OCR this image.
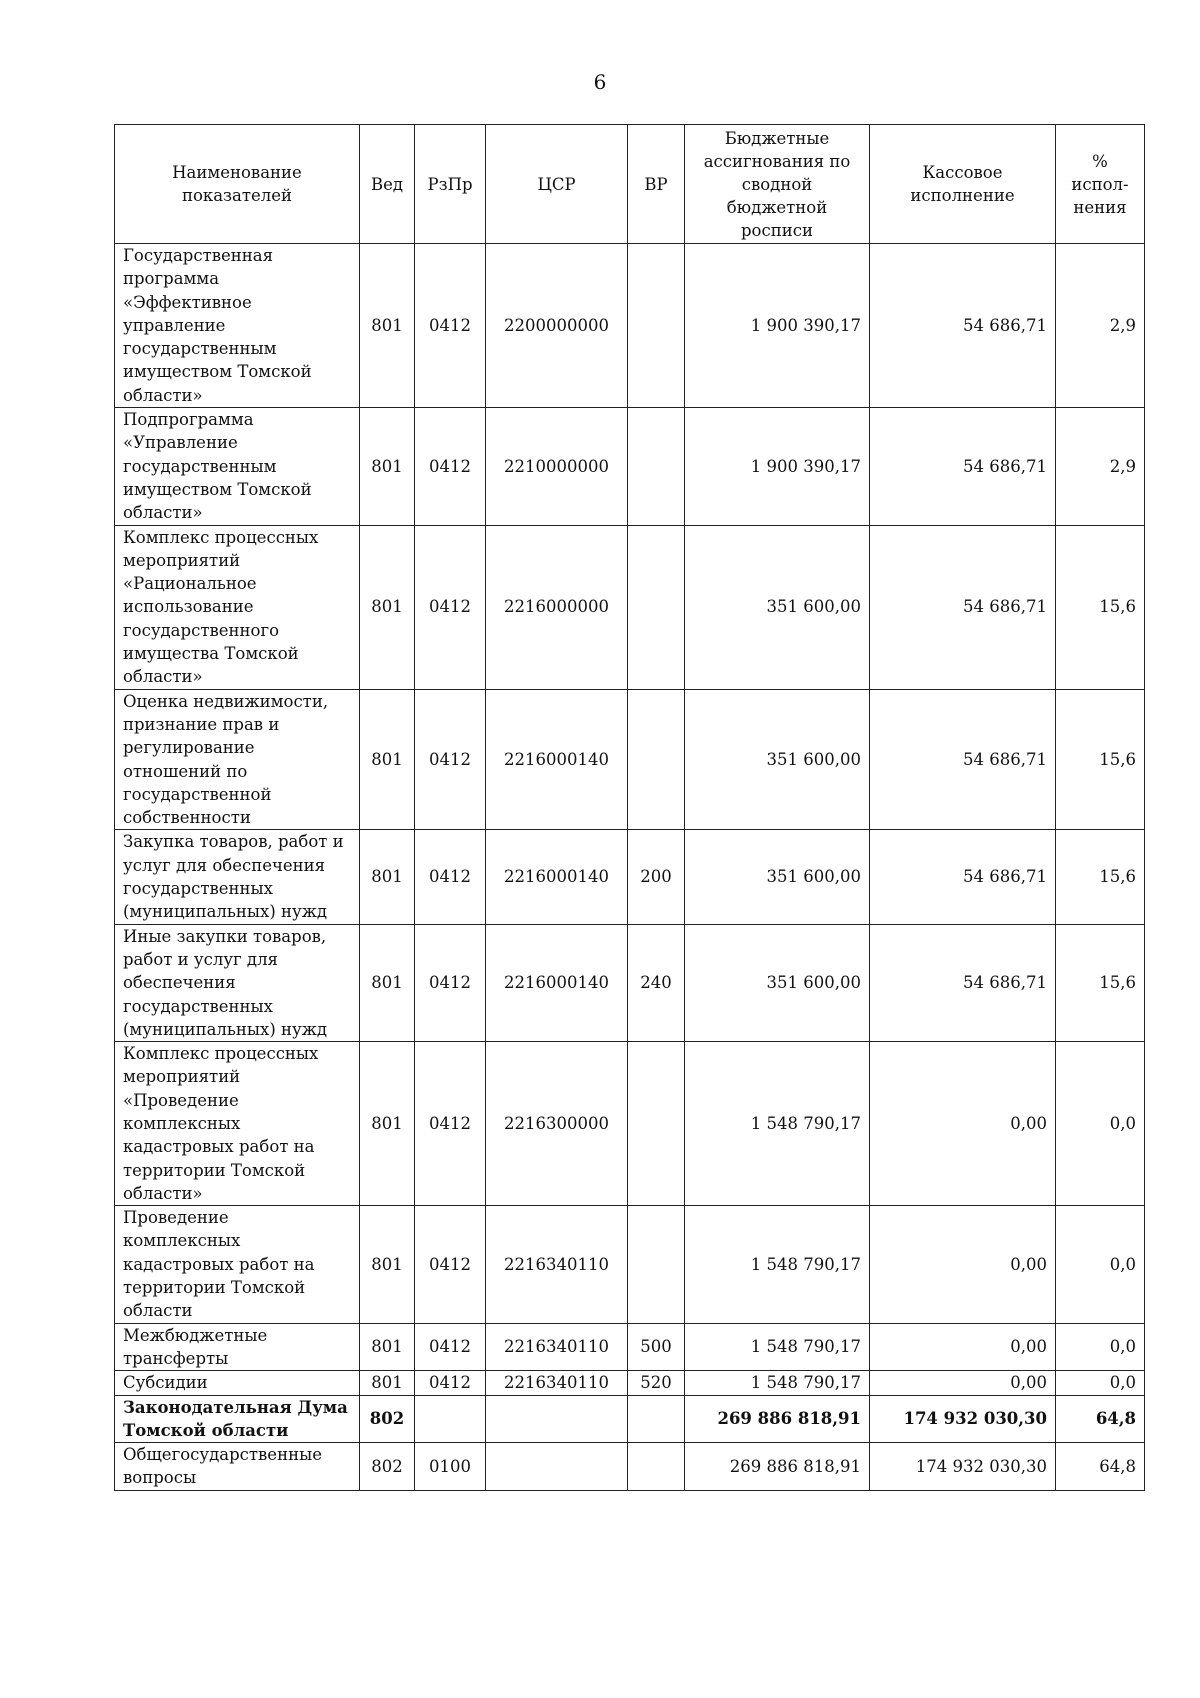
6
Наименование показателей	Вед	РзПр	ЦСР	ВР	Бюджетные ассигнования по сводной бюджетной росписи	Кассовое исполнение	% испол-нения
Государственная программа «Эффективное управление государственным имуществом Томской области»	801	0412	2200000000		1 900 390,17	54 686,71	2,9
Подпрограмма «Управление государственным имуществом Томской области»	801	0412	2210000000		1 900 390,17	54 686,71	2,9
Комплекс процессных мероприятий «Рациональное использование государственного имущества Томской области»	801	0412	2216000000		351 600,00	54 686,71	15,6
Оценка недвижимости, признание прав и регулирование отношений по государственной собственности	801	0412	2216000140		351 600,00	54 686,71	15,6
Закупка товаров, работ и услуг для обеспечения государственных (муниципальных) нужд	801	0412	2216000140	200	351 600,00	54 686,71	15,6
Иные закупки товаров, работ и услуг для обеспечения государственных (муниципальных) нужд	801	0412	2216000140	240	351 600,00	54 686,71	15,6
Комплекс процессных мероприятий «Проведение комплексных кадастровых работ на территории Томской области»	801	0412	2216300000		1 548 790,17	0,00	0,0
Проведение комплексных кадастровых работ на территории Томской области	801	0412	2216340110		1 548 790,17	0,00	0,0
Межбюджетные трансферты	801	0412	2216340110	500	1 548 790,17	0,00	0,0
Субсидии	801	0412	2216340110	520	1 548 790,17	0,00	0,0
Законодательная Дума Томской области	802				269 886 818,91	174 932 030,30	64,8
Общегосударственные вопросы	802	0100			269 886 818,91	174 932 030,30	64,8
